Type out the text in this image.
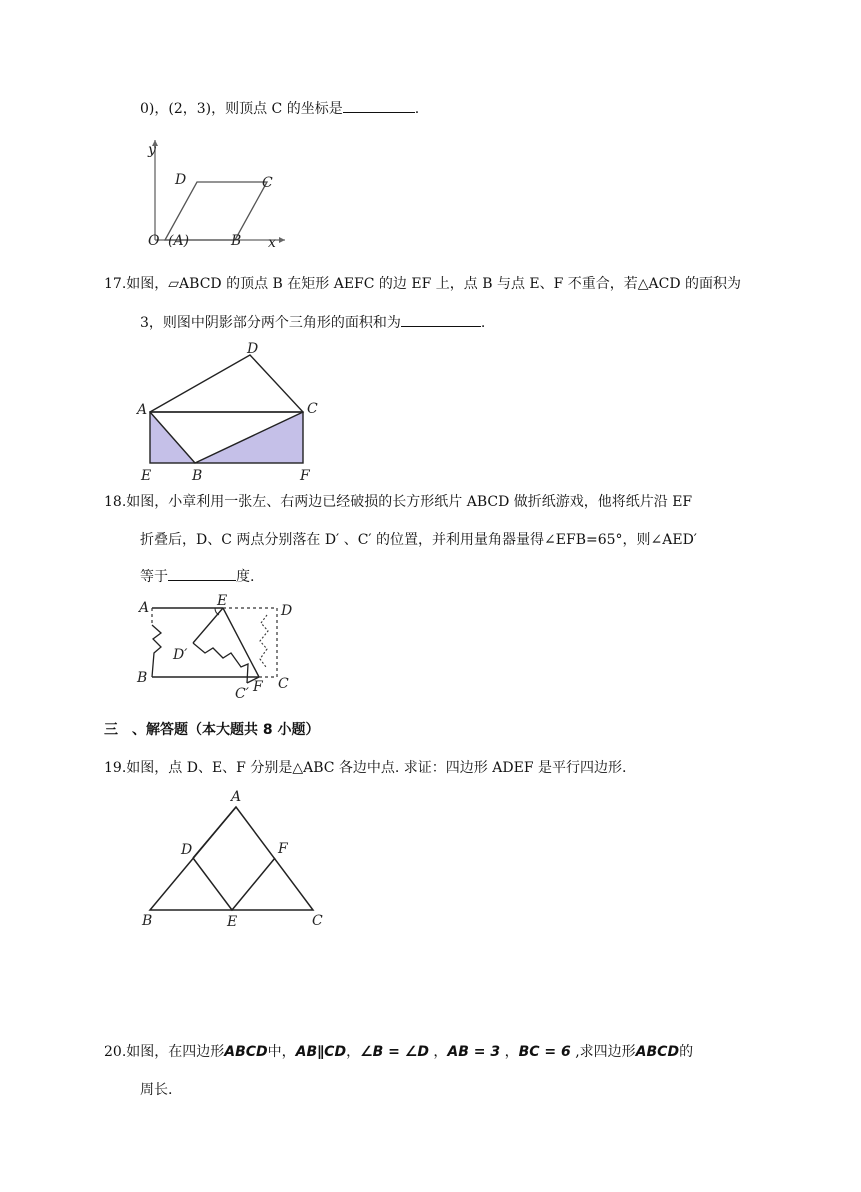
0)，(2，3)，则顶点 C 的坐标是	.
y
D	C
O (A)	B x
17.如图，▱ABCD 的顶点 B 在矩形 AEFC 的边 EF 上，点 B 与点 E、F 不重合，若△ACD 的面积为
3，则图中阴影部分两个三角形的面积和为	.
D
A	C
E	B	F
18.如图，小章利用一张左、右两边已经破损的长方形纸片 ABCD 做折纸游戏，他将纸片沿 EF
折叠后，D、C 两点分别落在 D′ 、C′ 的位置，并利用量角器量得∠EFB=65°，则∠AED′
等于	度.
A	E
D
D′
B
F C
C′
三　、解答题（本大题共 8 小题）
19.如图，点 D、E、F 分别是△ABC 各边中点. 求证：四边形 ADEF 是平行四边形.
A
D	F
B	E	C
20.如图，在四边形ABCD中，AB∥CD，∠B = ∠D ，AB = 3 ，BC = 6 ,求四边形ABCD的
周长.
